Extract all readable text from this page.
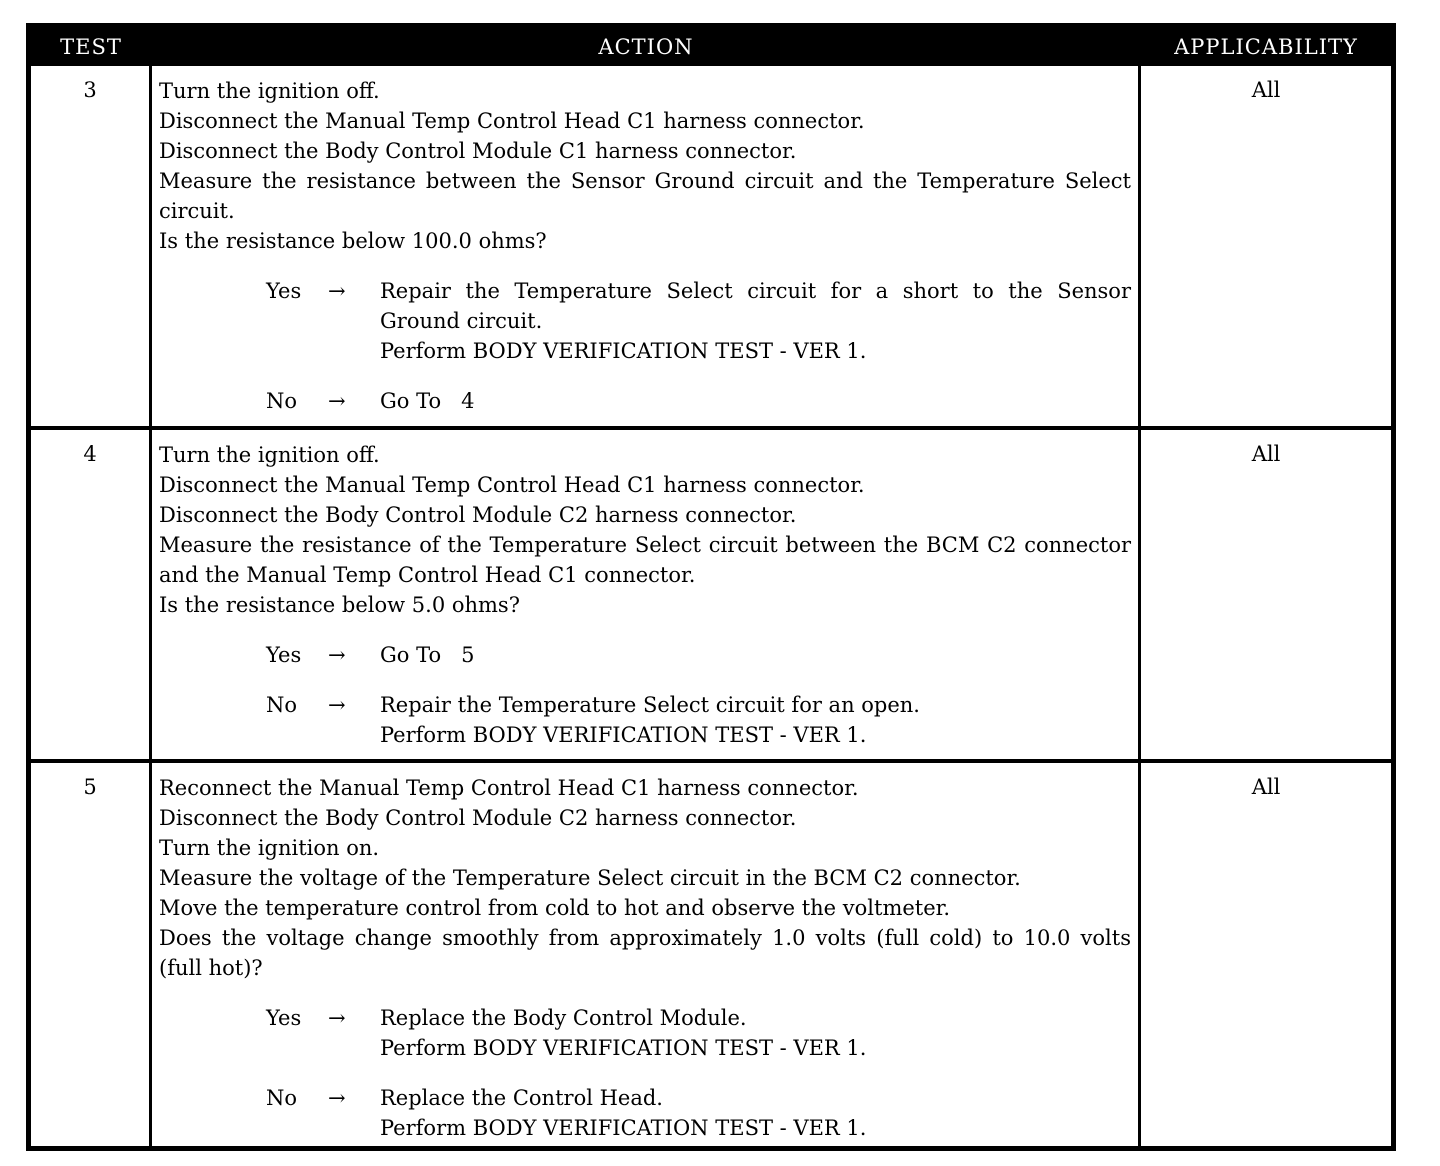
TEST	ACTION	APPLICABILITY
3	Turn the ignition off.
Disconnect the Manual Temp Control Head C1 harness connector.
Disconnect the Body Control Module C1 harness connector.
Measure the resistance between the Sensor Ground circuit and the Temperature Select circuit.
Is the resistance below 100.0 ohms?
Yes	→	Repair the Temperature Select circuit for a short to the Sensor Ground circuit.
Perform BODY VERIFICATION TEST - VER 1.
No	→	Go To   4
All
4	Turn the ignition off.
Disconnect the Manual Temp Control Head C1 harness connector.
Disconnect the Body Control Module C2 harness connector.
Measure the resistance of the Temperature Select circuit between the BCM C2 connector and the Manual Temp Control Head C1 connector.
Is the resistance below 5.0 ohms?
Yes	→	Go To   5
No	→	Repair the Temperature Select circuit for an open.
Perform BODY VERIFICATION TEST - VER 1.
All
5	Reconnect the Manual Temp Control Head C1 harness connector.
Disconnect the Body Control Module C2 harness connector.
Turn the ignition on.
Measure the voltage of the Temperature Select circuit in the BCM C2 connector.
Move the temperature control from cold to hot and observe the voltmeter.
Does the voltage change smoothly from approximately 1.0 volts (full cold) to 10.0 volts (full hot)?
Yes	→	Replace the Body Control Module.
Perform BODY VERIFICATION TEST - VER 1.
No	→	Replace the Control Head.
Perform BODY VERIFICATION TEST - VER 1.
All
